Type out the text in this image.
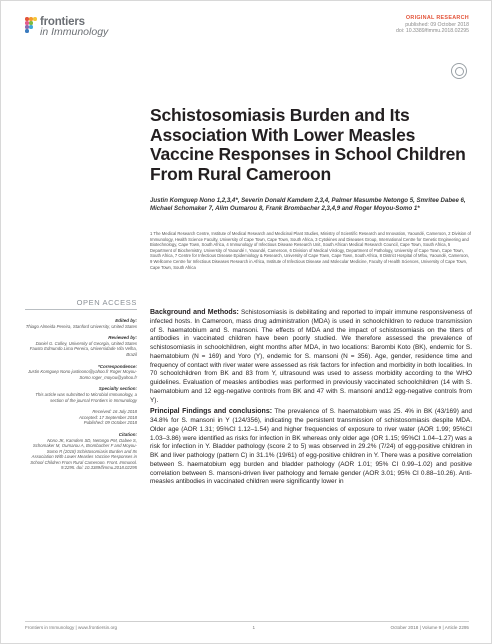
frontiers
in Immunology
ORIGINAL RESEARCH
published: 09 October 2018
doi: 10.3389/fimmu.2018.02295
Schistosomiasis Burden and Its Association With Lower Measles Vaccine Responses in School Children From Rural Cameroon
Justin Komguep Nono 1,2,3,4*, Severin Donald Kamdem 2,3,4, Palmer Masumbe Netongo 5, Smritee Dabee 6, Michael Schomaker 7, Alim Oumarou 8, Frank Brombacher 2,3,4,9 and Roger Moyou-Somo 1*
1 The Medical Research Centre, Institute of Medical Research and Medicinal Plant Studies, Ministry of Scientific Research and Innovation, Yaoundé, Cameroon, 2 Division of Immunology, Health Science Faculty, University of Cape Town, Cape Town, South Africa, 3 Cytokines and Diseases Group, International Centre for Genetic Engineering and Biotechnology, Cape Town, South Africa, 4 Immunology of Infectious Disease Research Unit, South African Medical Research Council, Cape Town, South Africa, 5 Department of Biochemistry, University of Yaoundé I, Yaoundé, Cameroon, 6 Division of Medical Virology, Department of Pathology, University of Cape Town, Cape Town, South Africa, 7 Centre for Infectious Disease Epidemiology & Research, University of Cape Town, Cape Town, South Africa, 8 District Hospital of Mfou, Yaoundé, Cameroon, 9 Wellcome Centre for Infectious Diseases Research in Africa, Institute of Infectious Disease and Molecular Medicine, Faculty of Health Sciences, University of Cape Town, Cape Town, South Africa
OPEN ACCESS
Edited by:
Thiago Almeida Pereira, Stanford University, United States
Reviewed by:
Daniel G. Colley, University of Georgia, United States Fausto Edmundo Lima Pereira, Universidade Vila Velha, Brazil
*Correspondence:
Justin Komguep Nono justinono@yahoo.fr Roger Moyou-Somo roger_moyou@yahoo.fr
Specialty section:
This article was submitted to Microbial Immunology, a section of the journal Frontiers in Immunology
Received: 16 July 2018
Accepted: 17 September 2018
Published: 09 October 2018
Citation:
Nono JK, Kamdem SD, Netongo PM, Dabee S, Schomaker M, Oumarou A, Brombacher F and Moyou-Somo R (2018) Schistosomiasis Burden and Its Association With Lower Measles Vaccine Responses in School Children From Rural Cameroon. Front. Immunol. 9:2295. doi: 10.3389/fimmu.2018.02295

Background and Methods: Schistosomiasis is debilitating and reported to impair immune responsiveness of infected hosts. In Cameroon, mass drug administration (MDA) is used in schoolchildren to reduce transmission of S. haematobium and S. mansoni. The effects of MDA and the impact of schistosomiasis on the titers of antibodies in vaccinated children have been poorly studied. We therefore assessed the prevalence of schistosomiasis in schoolchildren, eight months after MDA, in two locations: Barombi Koto (BK), endemic for S. haematobium (N = 169) and Yoro (Y), endemic for S. mansoni (N = 356). Age, gender, residence time and frequency of contact with river water were assessed as risk factors for infection and morbidity in both localities. In 70 schoolchildren from BK and 83 from Y, ultrasound was used to assess morbidity according to the WHO guidelines. Evaluation of measles antibodies was performed in previously vaccinated schoolchildren (14 with S. haematobium and 12 egg-negative controls from BK and 47 with S. mansoni and12 egg-negative controls from Y).

Principal Findings and conclusions: The prevalence of S. haematobium was 25. 4% in BK (43/169) and 34.8% for S. mansoni in Y (124/356), indicating the persistent transmission of schistosomiasis despite MDA. Older age (AOR 1.31; 95%CI 1.12–1.54) and higher frequencies of exposure to river water (AOR 1.99; 95%CI 1.03–3.86) were identified as risks for infection in BK whereas only older age (OR 1.15; 95%CI 1.04–1.27) was a risk for infection in Y. Bladder pathology (score 2 to 5) was observed in 29.2% (7/24) of egg-positive children in BK and liver pathology (pattern C) in 31.1% (19/61) of egg-positive children in Y. There was a positive correlation between S. haematobium egg burden and bladder pathology (AOR 1.01; 95% CI 0.99–1.02) and positive correlation between S. mansoni-driven liver pathology and female gender (AOR 3.01; 95% CI 0.88–10.26). Anti-measles antibodies in vaccinated children were significantly lower in

Frontiers in Immunology | www.frontiersin.org	1	October 2018 | Volume 9 | Article 2295
